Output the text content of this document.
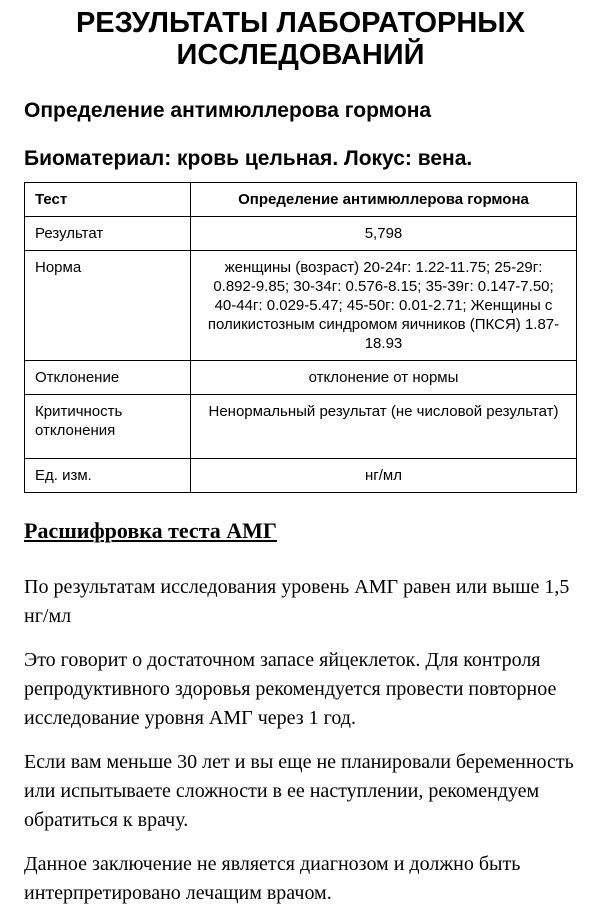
РЕЗУЛЬТАТЫ ЛАБОРАТОРНЫХ ИССЛЕДОВАНИЙ
Определение антимюллерова гормона
Биоматериал: кровь цельная. Локус: вена.
Тест	Определение антимюллерова гормона
Результат	5,798
Норма	женщины (возраст) 20-24г: 1.22-11.75; 25-29г: 0.892-9.85; 30-34г: 0.576-8.15; 35-39г: 0.147-7.50; 40-44г: 0.029-5.47; 45-50г: 0.01-2.71; Женщины с поликистозным синдромом яичников (ПКСЯ) 1.87-18.93
Отклонение	отклонение от нормы
Критичность отклонения	Ненормальный результат (не числовой результат)
Ед. изм.	нг/мл
Расшифровка теста АМГ

По результатам исследования уровень АМГ равен или выше 1,5 нг/мл

Это говорит о достаточном запасе яйцеклеток. Для контроля репродуктивного здоровья рекомендуется провести повторное исследование уровня АМГ через 1 год.

Если вам меньше 30 лет и вы еще не планировали беременность или испытываете сложности в ее наступлении, рекомендуем обратиться к врачу.

Данное заключение не является диагнозом и должно быть интерпретировано лечащим врачом.
